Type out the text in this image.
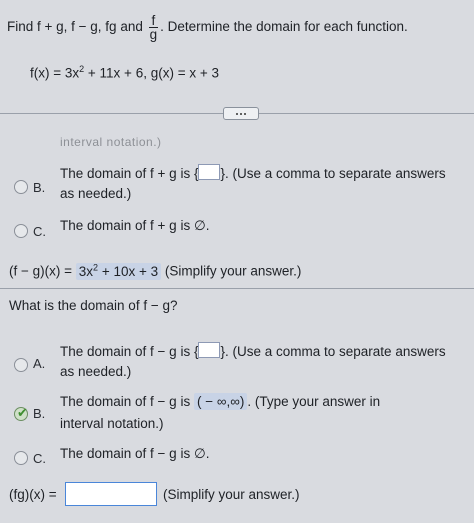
Find f + g, f − g, fg and $\frac{f}{g}$ . Determine the domain for each function.
$f(x) = 3x^2 + 11x + 6$, g(x) = x + 3
interval notation.)
B.
The domain of f + g is { }. (Use a comma to separate answers
as needed.)
C. The domain of f + g is ∅.
$(f - g)(x) = 3x^2 + 10x + 3$ (Simplify your answer.)
What is the domain of f − g?
A.
The domain of f − g is { }. (Use a comma to separate answers
as needed.)
✔ B.
The domain of f − g is ( − ∞,∞) . (Type your answer in
interval notation.)
C. The domain of f − g is ∅.
(fg)(x) =	(Simplify your answer.)
